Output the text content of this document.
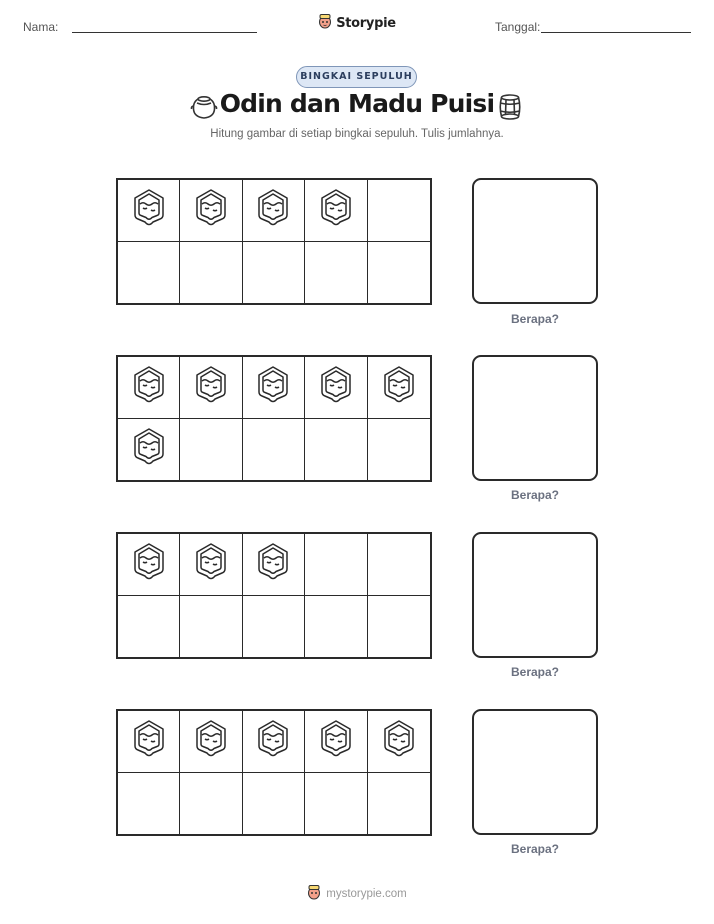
Nama:	Storypie	Tanggal:
BINGKAI SEPULUH
Odin dan Madu Puisi
Hitung gambar di setiap bingkai sepuluh. Tulis jumlahnya.
Berapa?
Berapa?
Berapa?
Berapa?
mystorypie.com
